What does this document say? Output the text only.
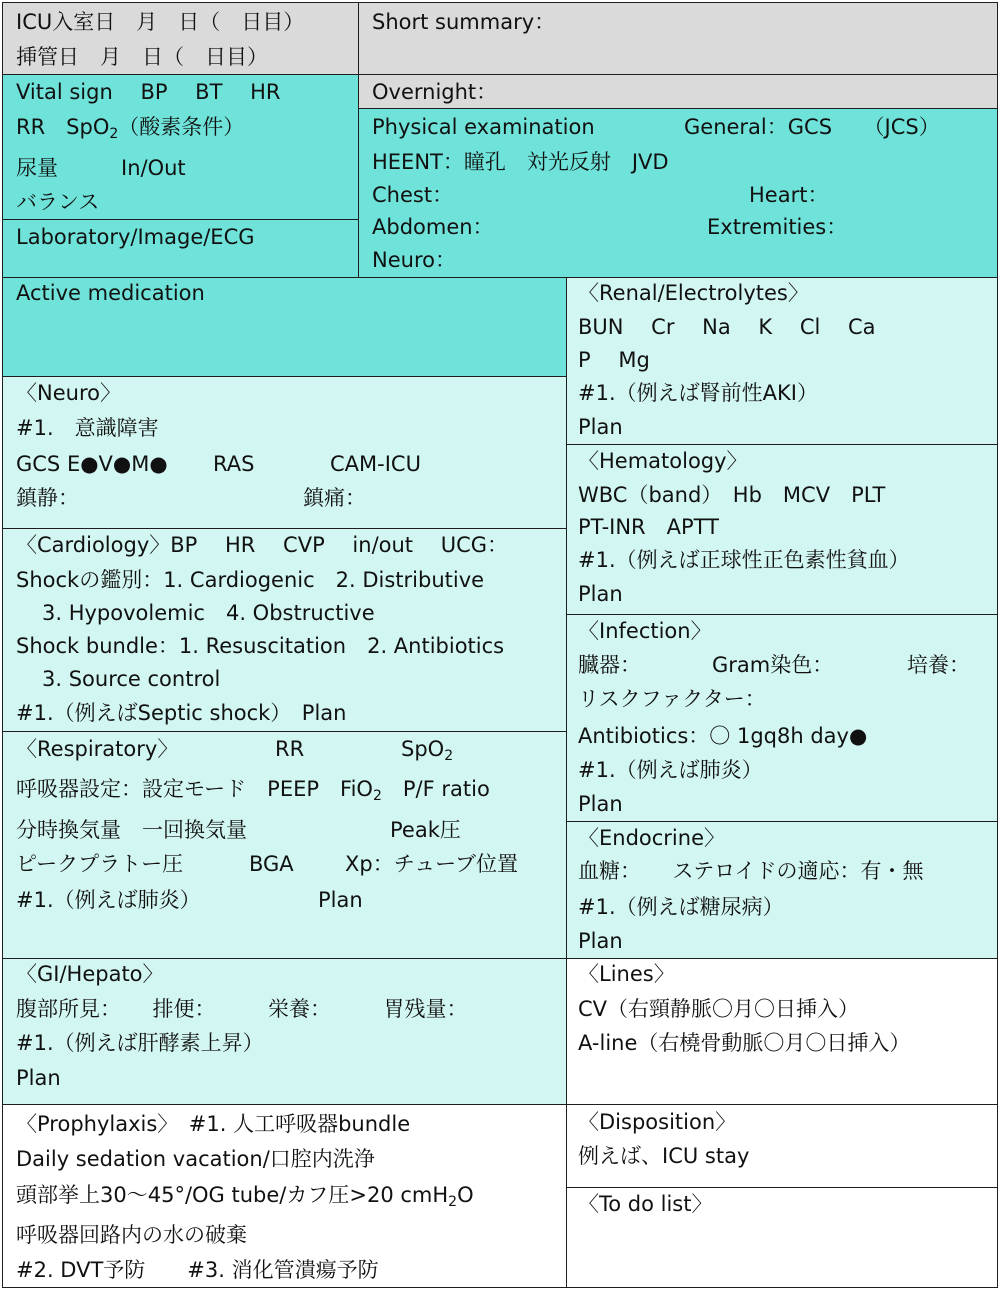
ICU入室日　月　日（　日目）
挿管日　月　日（　日目）
Short summary：
Vital sign　 BP　 BT　 HR
RR　SpO$_2$（酸素条件）
尿量　　　In/Out
バランス
Laboratory/Image/ECG
Overnight：
Physical examination	General：GCS　　（JCS）
HEENT：瞳孔　対光反射　JVD
Chest：	Heart：
Abdomen：	Extremities：
Neuro：
Active medication
〈Neuro〉
#1.　意識障害
GCS E●V●M● RAS	CAM-ICU
鎮静：	鎮痛：
〈Cardiology〉BP　 HR　 CVP　 in/out　 UCG：
Shockの鑑別：1. Cardiogenic　2. Distributive
3. Hypovolemic　4. Obstructive
Shock bundle：1. Resuscitation　2. Antibiotics
3. Source control
#1.（例えばSeptic shock）　Plan
〈Respiratory〉	RR	SpO$_2$
呼吸器設定：設定モード　PEEP　FiO$_2$　P/F ratio
分時換気量　一回換気量	Peak圧
ピークプラトー圧	BGA Xp：チューブ位置
#1.（例えば肺炎）	Plan
〈GI/Hepato〉
腹部所見：　　排便：　　　栄養：　　　胃残量：
#1.（例えば肝酵素上昇）
Plan
〈Prophylaxis〉　#1. 人工呼吸器bundle
Daily sedation vacation/口腔内洗浄
頭部挙上30〜45°/OG tube/カフ圧>20 cmH$_2$O
呼吸器回路内の水の破棄
#2. DVT予防　　#3. 消化管潰瘍予防
〈Renal/Electrolytes〉
BUN　 Cr　 Na　 K　 Cl　 Ca
P　 Mg
#1.（例えば腎前性AKI）
Plan
〈Hematology〉
WBC（band）　Hb　MCV　PLT
PT-INR　APTT
#1.（例えば正球性正色素性貧血）
Plan
〈Infection〉
臓器：	Gram染色：	培養：
リスクファクター：
Antibiotics：〇 1gq8h day●
#1.（例えば肺炎）
Plan
〈Endocrine〉
血糖：　　ステロイドの適応：有・無
#1.（例えば糖尿病）
Plan
〈Lines〉
CV（右頸静脈〇月〇日挿入）
A-line（右橈骨動脈〇月〇日挿入）
〈Disposition〉
例えば、ICU stay
〈To do list〉
